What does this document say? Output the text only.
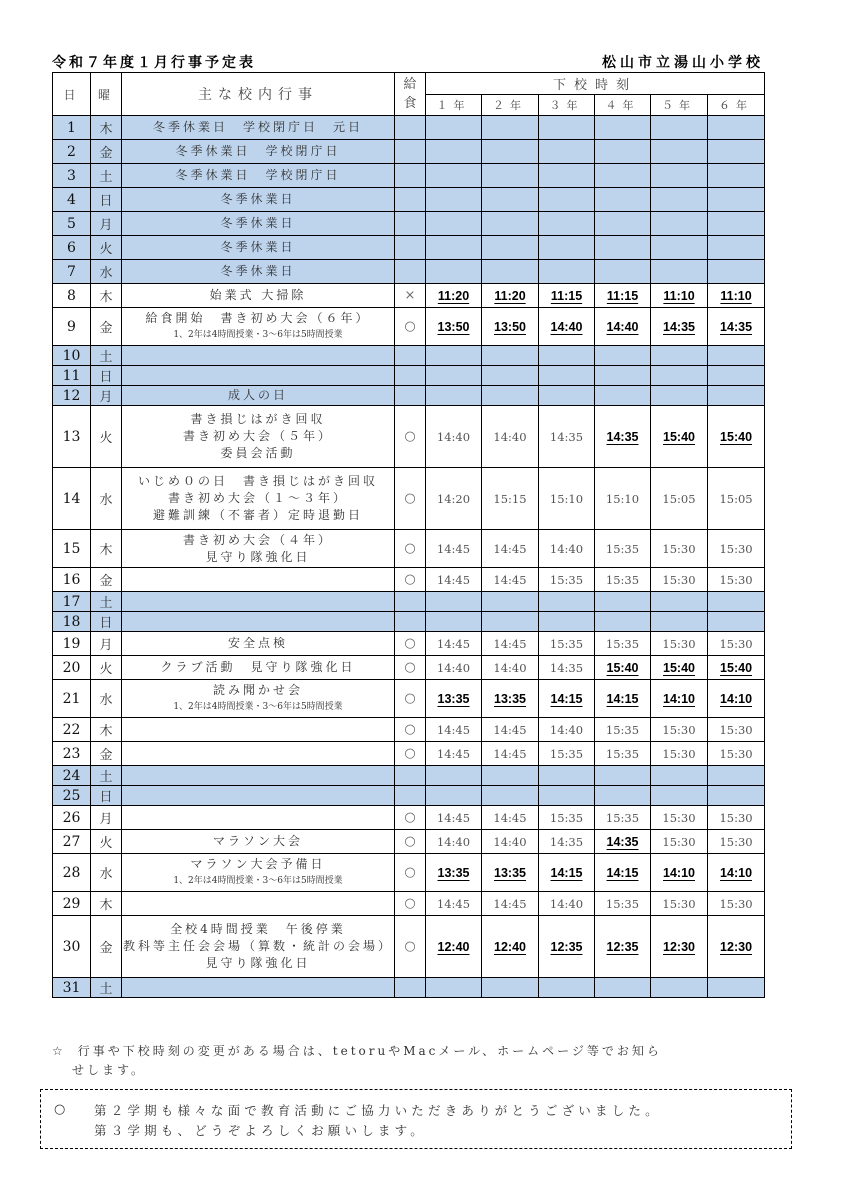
令和７年度１月行事予定表	松山市立湯山小学校
日	曜	主な校内行事	給食	下校時刻					
				１年	２年	３年	４年	５年	６年
1	木	冬季休業日　学校閉庁日　元日							

2	金	冬季休業日　学校閉庁日							

3	土	冬季休業日　学校閉庁日							

4	日	冬季休業日							

5	月	冬季休業日							

6	火	冬季休業日							

7	水	冬季休業日							

8	木	始業式 大掃除	×	11:20	11:20	11:15	11:15	11:10	11:10
9	金	給食開始　書き初め大会（６年）
1、2年は4時間授業・3～6年は5時間授業	○	13:50	13:50	14:40	14:40	14:35	14:35
10	土								
11	日								
12	月	成人の日							

13	火	書き損じはがき回収
書き初め大会（５年）
委員会活動	○	14:40	14:40	14:35	14:35	15:40	15:40
14	水	いじめ０の日　書き損じはがき回収
書き初め大会（１～３年）
避難訓練（不審者）定時退勤日	○	14:20	15:15	15:10	15:10	15:05	15:05
15	木	書き初め大会（４年）
見守り隊強化日	○	14:45	14:45	14:40	15:35	15:30	15:30
16	金		○	14:45	14:45	15:35	15:35	15:30	15:30
17	土								
18	日								
19	月	安全点検	○	14:45	14:45	15:35	15:35	15:30	15:30
20	火	クラブ活動　見守り隊強化日	○	14:40	14:40	14:35	15:40	15:40	15:40
21	水	読み聞かせ会
1、2年は4時間授業・3～6年は5時間授業	○	13:35	13:35	14:15	14:15	14:10	14:10
22	木		○	14:45	14:45	14:40	15:35	15:30	15:30
23	金		○	14:45	14:45	15:35	15:35	15:30	15:30
24	土								
25	日								
26	月		○	14:45	14:45	15:35	15:35	15:30	15:30
27	火	マラソン大会	○	14:40	14:40	14:35	14:35	15:30	15:30
28	水	マラソン大会予備日
1、2年は4時間授業・3～6年は5時間授業	○	13:35	13:35	14:15	14:15	14:10	14:10
29	木		○	14:45	14:45	14:40	15:35	15:30	15:30
30	金	全校4時間授業　午後停業
教科等主任会会場（算数・統計の会場）
見守り隊強化日	○	12:40	12:40	12:35	12:35	12:30	12:30
31	土								
☆ 行事や下校時刻の変更がある場合は、tetoruやMacメール、ホームページ等でお知ら
せします。
○ 第２学期も様々な面で教育活動にご協力いただきありがとうございました。
第３学期も、どうぞよろしくお願いします。
